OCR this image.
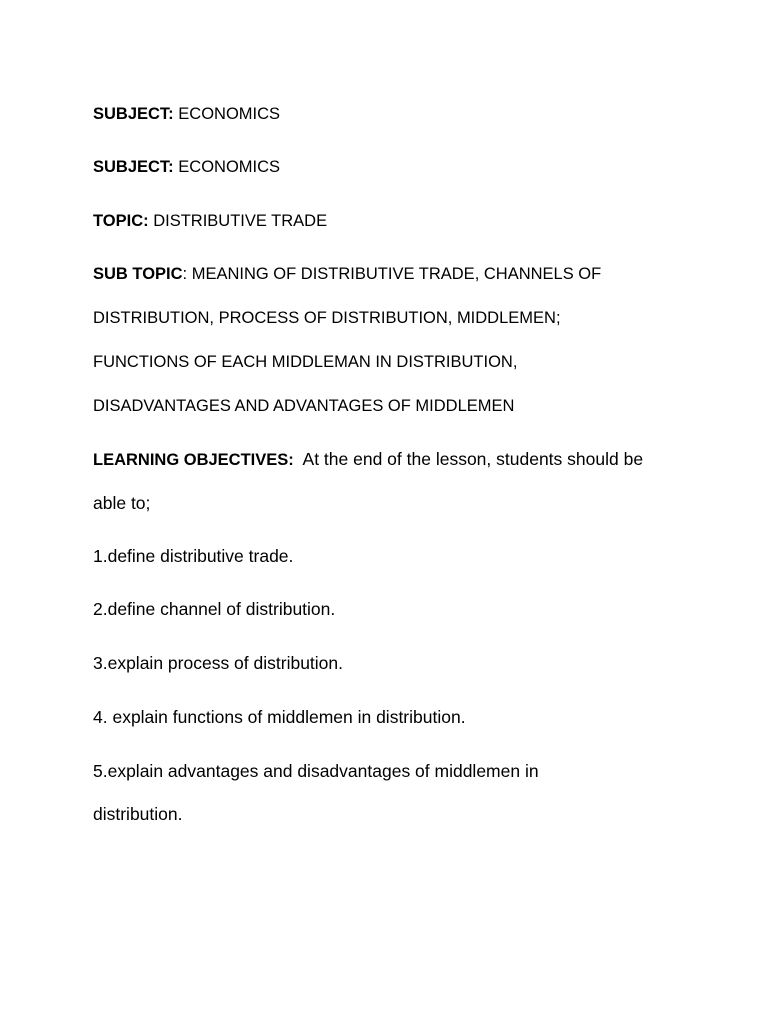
SUBJECT: ECONOMICS
SUBJECT: ECONOMICS
TOPIC: DISTRIBUTIVE TRADE
SUB TOPIC: MEANING OF DISTRIBUTIVE TRADE, CHANNELS OF
DISTRIBUTION, PROCESS OF DISTRIBUTION, MIDDLEMEN;
FUNCTIONS OF EACH MIDDLEMAN IN DISTRIBUTION,
DISADVANTAGES AND ADVANTAGES OF MIDDLEMEN
LEARNING OBJECTIVES:  At the end of the lesson, students should be
able to;
1.define distributive trade.
2.define channel of distribution.
3.explain process of distribution.
4. explain functions of middlemen in distribution.
5.explain advantages and disadvantages of middlemen in
distribution.
